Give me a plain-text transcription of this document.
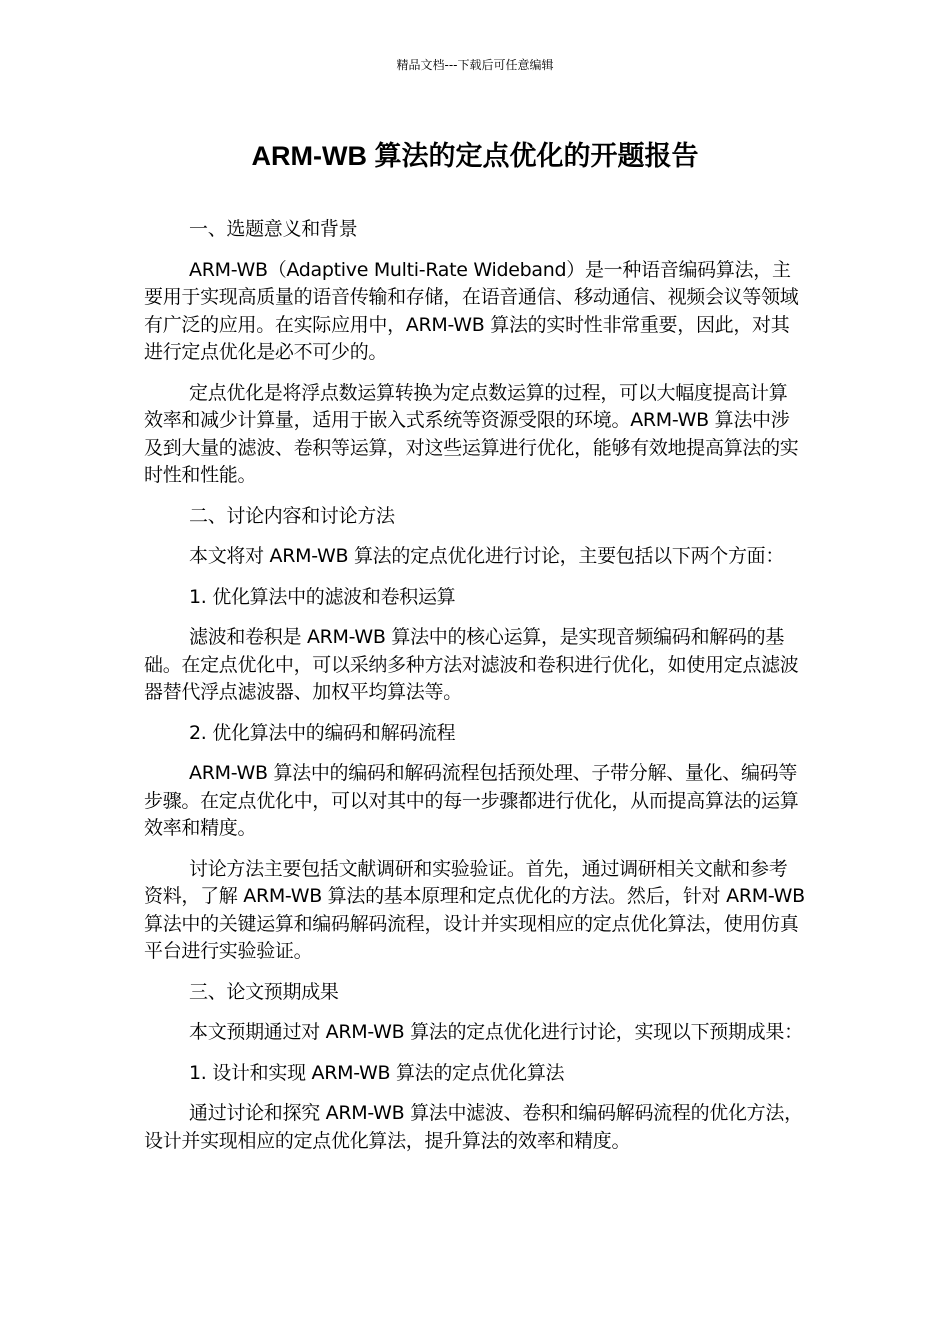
精品文档---下载后可任意编辑
ARM-WB 算法的定点优化的开题报告

一、选题意义和背景

ARM-WB（Adaptive Multi-Rate Wideband）是一种语音编码算法，主要用于实现高质量的语音传输和存储，在语音通信、移动通信、视频会议等领域有广泛的应用。在实际应用中，ARM-WB 算法的实时性非常重要，因此，对其进行定点优化是必不可少的。

定点优化是将浮点数运算转换为定点数运算的过程，可以大幅度提高计算效率和减少计算量，适用于嵌入式系统等资源受限的环境。ARM-WB 算法中涉及到大量的滤波、卷积等运算，对这些运算进行优化，能够有效地提高算法的实时性和性能。

二、讨论内容和讨论方法

本文将对 ARM-WB 算法的定点优化进行讨论，主要包括以下两个方面：

1. 优化算法中的滤波和卷积运算

滤波和卷积是 ARM-WB 算法中的核心运算，是实现音频编码和解码的基础。在定点优化中，可以采纳多种方法对滤波和卷积进行优化，如使用定点滤波器替代浮点滤波器、加权平均算法等。

2. 优化算法中的编码和解码流程

ARM-WB 算法中的编码和解码流程包括预处理、子带分解、量化、编码等步骤。在定点优化中，可以对其中的每一步骤都进行优化，从而提高算法的运算效率和精度。

讨论方法主要包括文献调研和实验验证。首先，通过调研相关文献和参考资料，了解 ARM-WB 算法的基本原理和定点优化的方法。然后，针对 ARM-WB 算法中的关键运算和编码解码流程，设计并实现相应的定点优化算法，使用仿真平台进行实验验证。

三、论文预期成果

本文预期通过对 ARM-WB 算法的定点优化进行讨论，实现以下预期成果：

1. 设计和实现 ARM-WB 算法的定点优化算法

通过讨论和探究 ARM-WB 算法中滤波、卷积和编码解码流程的优化方法，设计并实现相应的定点优化算法，提升算法的效率和精度。
